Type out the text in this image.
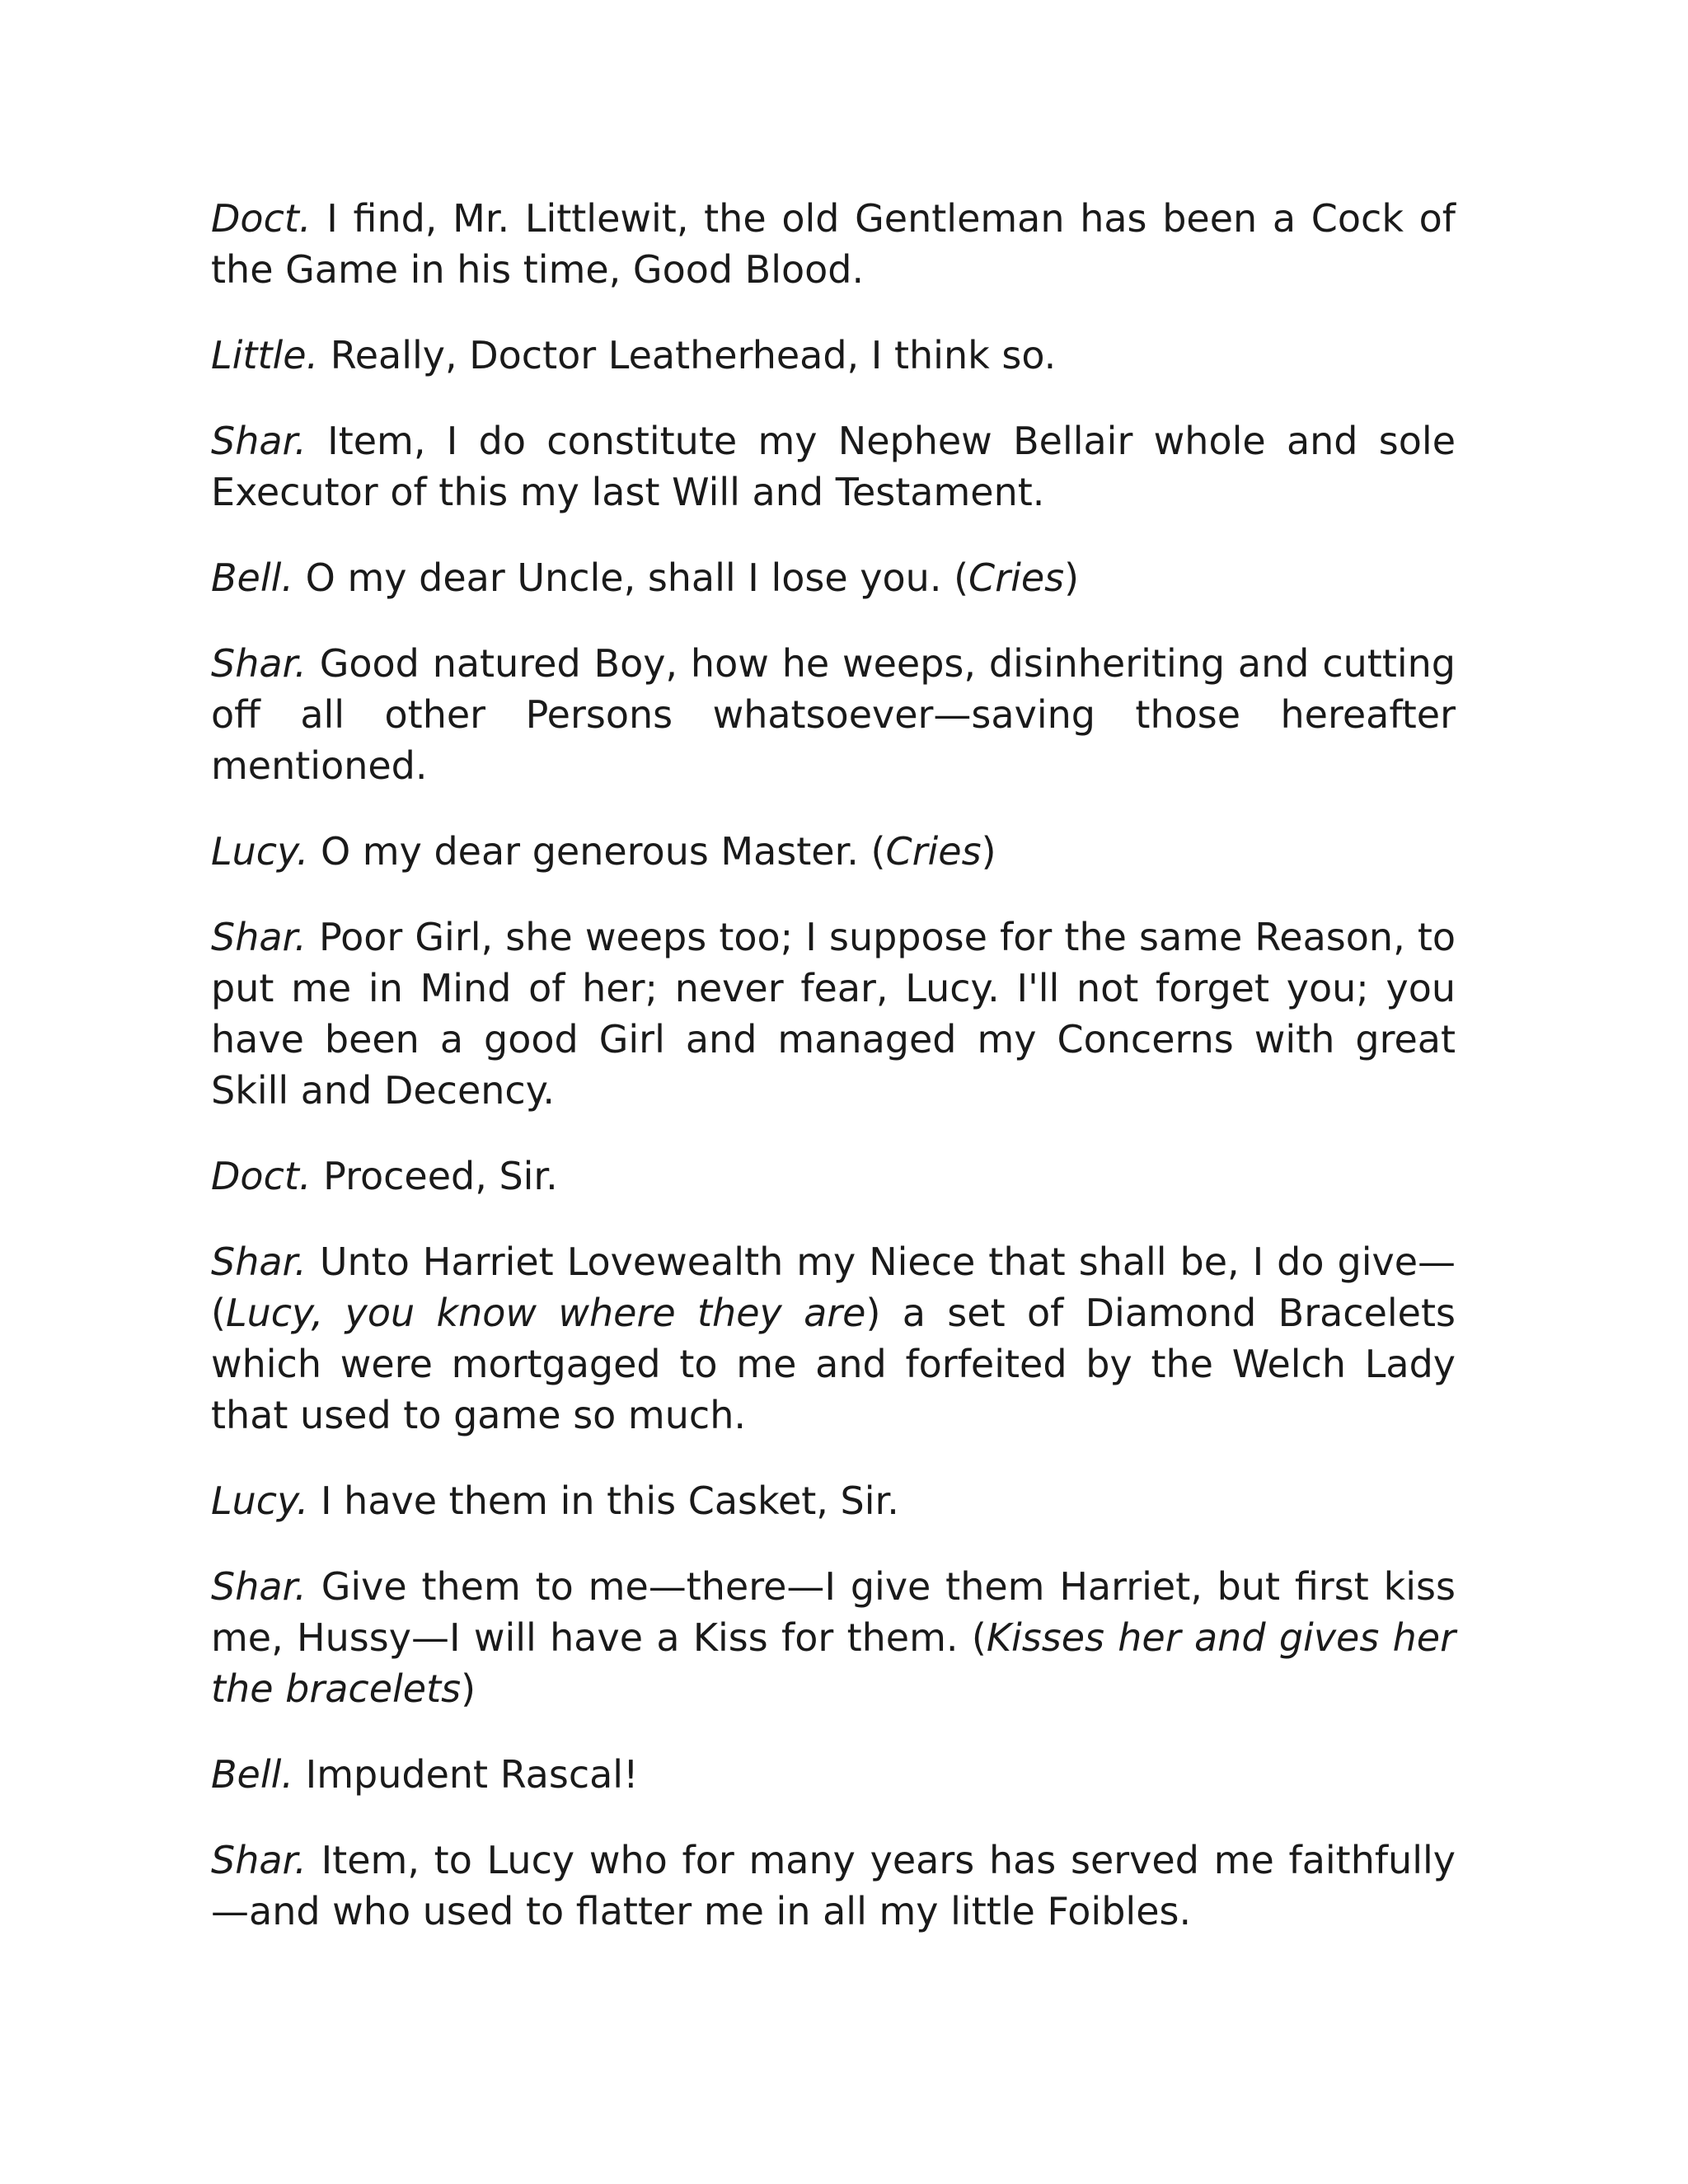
Doct. I find, Mr. Littlewit, the old Gentleman has been a Cock of the Game in his time, Good Blood.

Little. Really, Doctor Leatherhead, I think so.

Shar. Item, I do constitute my Nephew Bellair whole and sole Executor of this my last Will and Testament.

Bell. O my dear Uncle, shall I lose you. (Cries)

Shar. Good natured Boy, how he weeps, disinheriting and cutting off all other Persons whatsoever—saving those hereafter mentioned.

Lucy. O my dear generous Master. (Cries)

Shar. Poor Girl, she weeps too; I suppose for the same Reason, to put me in Mind of her; never fear, Lucy. I'll not forget you; you have been a good Girl and managed my Concerns with great Skill and Decency.

Doct. Proceed, Sir.

Shar. Unto Harriet Lovewealth my Niece that shall be, I do give—(Lucy, you know where they are) a set of Diamond Bracelets which were mortgaged to me and forfeited by the Welch Lady that used to game so much.

Lucy. I have them in this Casket, Sir.

Shar. Give them to me—there—I give them Harriet, but first kiss me, Hussy—I will have a Kiss for them. (Kisses her and gives her the bracelets)

Bell. Impudent Rascal!

Shar. Item, to Lucy who for many years has served me faithfully—and who used to flatter me in all my little Foibles.
